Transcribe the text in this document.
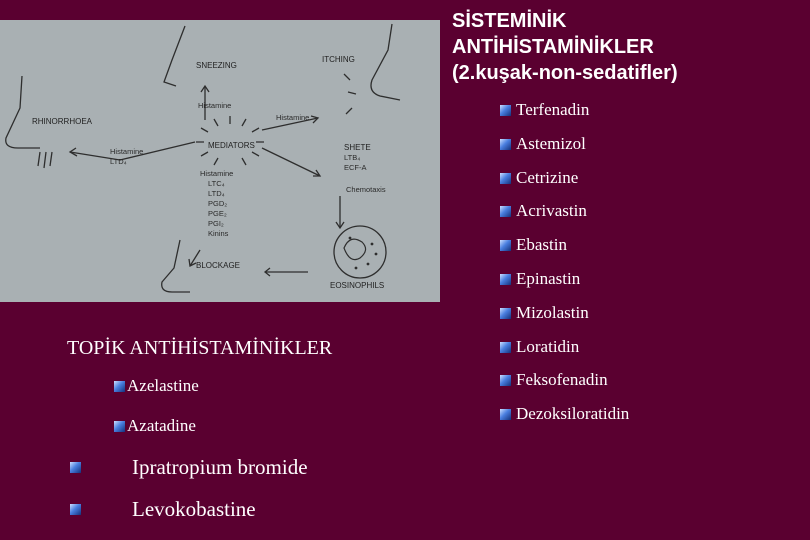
SNEEZING
ITCHING
RHINORRHOEA
Histamine
Histamine
MEDIATORS
Histamine
LTD₄
SHETE
LTB₄
ECF-A
Chemotaxis
Histamine
LTC₄
LTD₄
PGD₂
PGE₂
PGI₂
Kinins
BLOCKAGE
EOSINOPHILS
SİSTEMİNİK
ANTİHİSTAMİNİKLER
(2.kuşak-non-sedatifler)
Terfenadin
Astemizol
Cetrizine
Acrivastin
Ebastin
Epinastin
Mizolastin
Loratidin
Feksofenadin
Dezoksiloratidin
TOPİK ANTİHİSTAMİNİKLER
Azelastine
Azatadine
Ipratropium bromide
Levokobastine
